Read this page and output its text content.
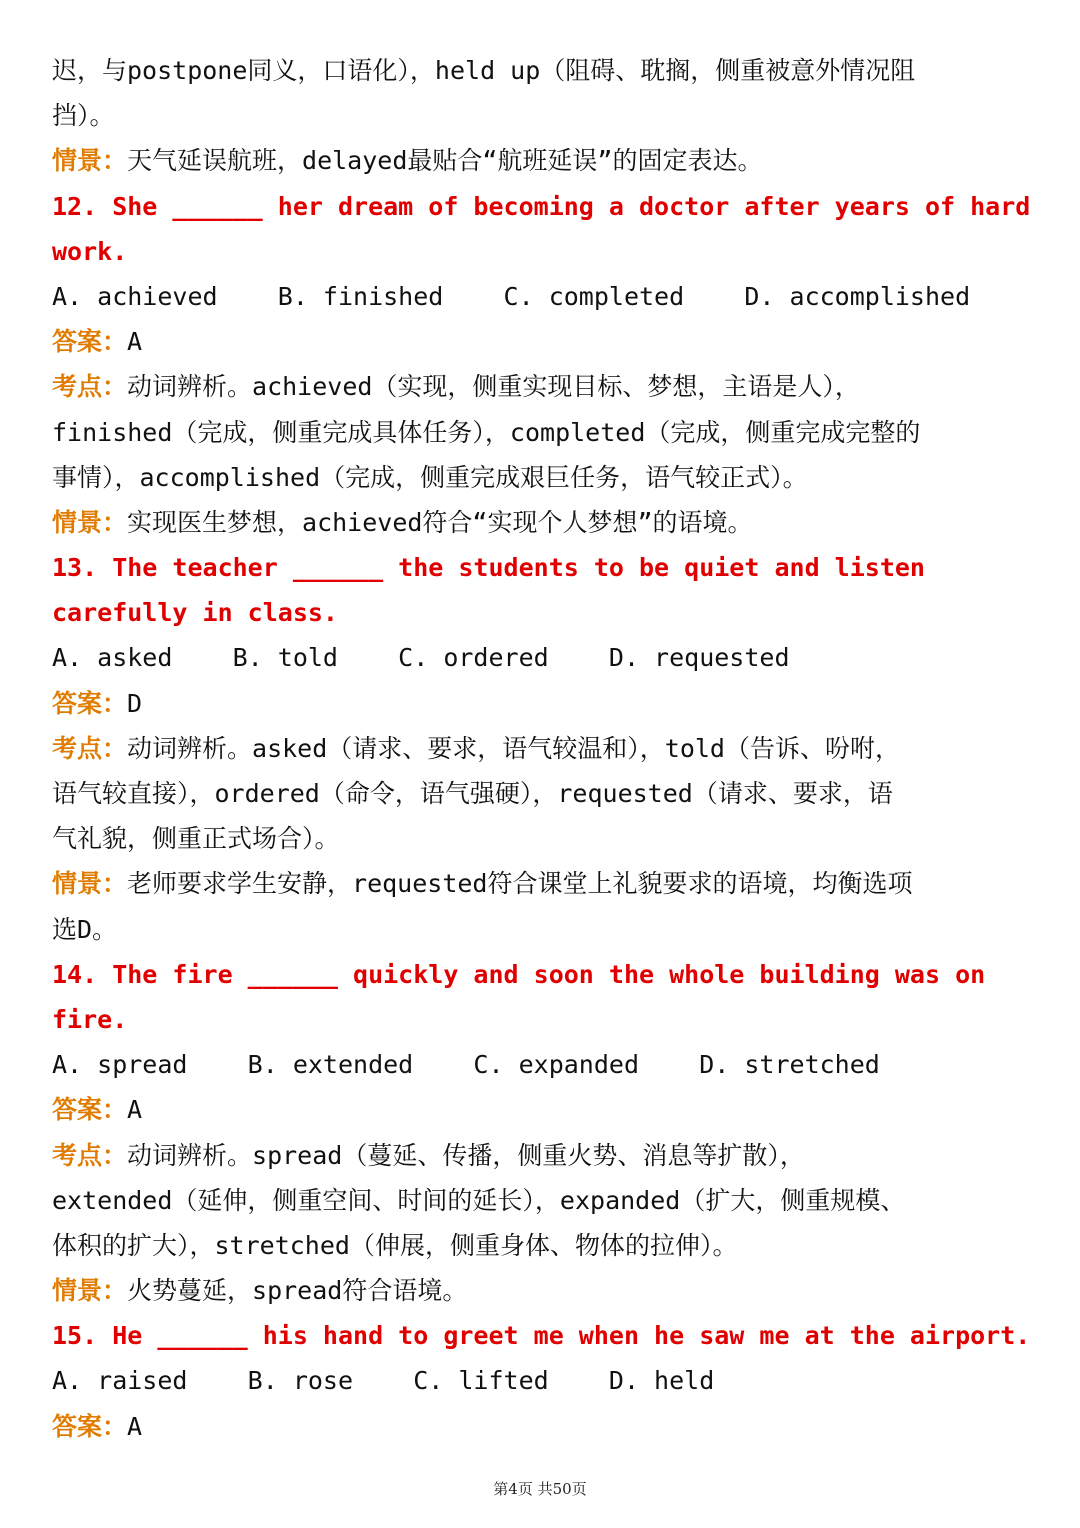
迟，与postpone同义，口语化），held up（阻碍、耽搁，侧重被意外情况阻
挡）。
情景：天气延误航班，delayed最贴合“航班延误”的固定表达。
12. She ______ her dream of becoming a doctor after years of hard
work.
A. achieved    B. finished    C. completed    D. accomplished
答案：A
考点：动词辨析。achieved（实现，侧重实现目标、梦想，主语是人），
finished（完成，侧重完成具体任务），completed（完成，侧重完成完整的
事情），accomplished（完成，侧重完成艰巨任务，语气较正式）。
情景：实现医生梦想，achieved符合“实现个人梦想”的语境。
13. The teacher ______ the students to be quiet and listen
carefully in class.
A. asked    B. told    C. ordered    D. requested
答案：D
考点：动词辨析。asked（请求、要求，语气较温和），told（告诉、吩咐，
语气较直接），ordered（命令，语气强硬），requested（请求、要求，语
气礼貌，侧重正式场合）。
情景：老师要求学生安静，requested符合课堂上礼貌要求的语境，均衡选项
选D。
14. The fire ______ quickly and soon the whole building was on
fire.
A. spread    B. extended    C. expanded    D. stretched
答案：A
考点：动词辨析。spread（蔓延、传播，侧重火势、消息等扩散），
extended（延伸，侧重空间、时间的延长），expanded（扩大，侧重规模、
体积的扩大），stretched（伸展，侧重身体、物体的拉伸）。
情景：火势蔓延，spread符合语境。
15. He ______ his hand to greet me when he saw me at the airport.
A. raised    B. rose    C. lifted    D. held
答案：A
第4页 共50页
